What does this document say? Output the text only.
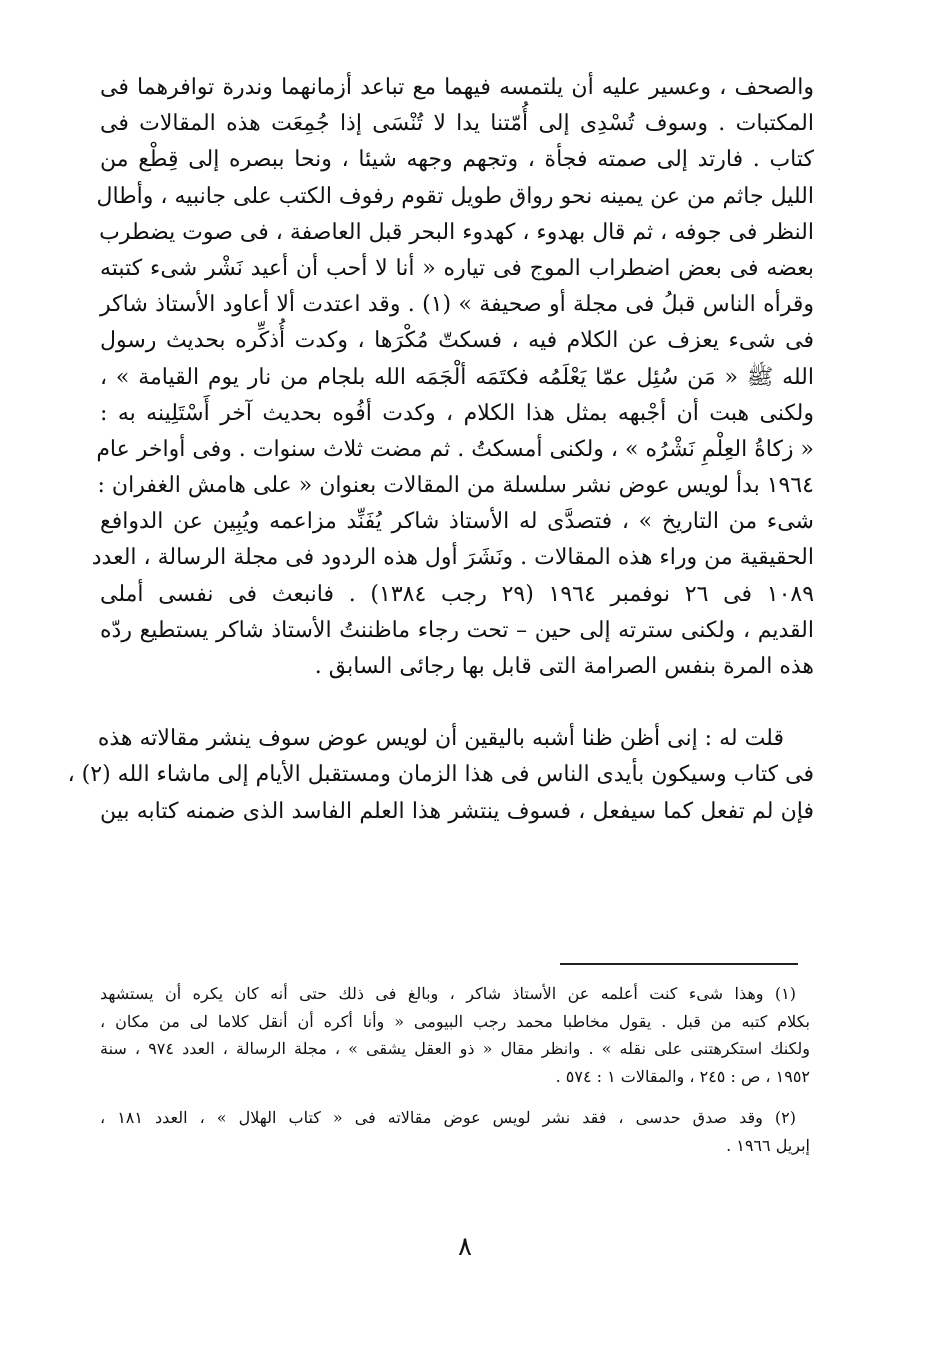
والصحف ، وعسير عليه أن يلتمسه فيهما مع تباعد أزمانهما وندرة توافرهما فى
المكتبات . وسوف تُسْدِى إلى أُمّتنا يدا لا تُنْسَى إذا جُمِعَت هذه المقالات فى
كتاب . فارتد إلى صمته فجأة ، وتجهم وجهه شيئا ، ونحا ببصره إلى قِطْع من
الليل جاثم من عن يمينه نحو رواق طويل تقوم رفوف الكتب على جانبيه ، وأطال
النظر فى جوفه ، ثم قال بهدوء ، كهدوء البحر قبل العاصفة ، فى صوت يضطرب
بعضه فى بعض اضطراب الموج فى تياره « أنا لا أحب أن أعيد نَشْر شىء كتبته
وقرأه الناس قبلُ فى مجلة أو صحيفة » (١) . وقد اعتدت ألا أعاود الأستاذ شاكر
فى شىء يعزف عن الكلام فيه ، فسكتّ مُكْرَها ، وكدت أُذكِّره بحديث رسول
الله ﷺ « مَن سُئِل عمّا يَعْلَمُه فكتَمَه ألْجَمَه الله بلجام من نار يوم القيامة » ،
ولكنى هبت أن أجْبهه بمثل هذا الكلام ، وكدت أفُوه بحديث آخر أَسْتَلِينه به :
« زكاةُ العِلْمِ نَشْرُه » ، ولكنى أمسكتُ . ثم مضت ثلاث سنوات . وفى أواخر عام
١٩٦٤ بدأ لويس عوض نشر سلسلة من المقالات بعنوان « على هامش الغفران :
شىء من التاريخ » ، فتصدَّى له الأستاذ شاكر يُفَنِّد مزاعمه ويُبِين عن الدوافع
الحقيقية من وراء هذه المقالات . ونَشَرَ أول هذه الردود فى مجلة الرسالة ، العدد
١٠٨٩ فى ٢٦ نوفمبر ١٩٦٤ (٢٩ رجب ١٣٨٤) . فانبعث فى نفسى أملى
القديم ، ولكنى سترته إلى حين – تحت رجاء ماظننتُ الأستاذ شاكر يستطيع ردّه
هذه المرة بنفس الصرامة التى قابل بها رجائى السابق .

قلت له : إنى أظن ظنا أشبه باليقين أن لويس عوض سوف ينشر مقالاته هذه
فى كتاب وسيكون بأيدى الناس فى هذا الزمان ومستقبل الأيام إلى ماشاء الله (٢) ،
فإن لم تفعل كما سيفعل ، فسوف ينتشر هذا العلم الفاسد الذى ضمنه كتابه بين

(١) وهذا شىء كنت أعلمه عن الأستاذ شاكر ، وبالغ فى ذلك حتى أنه كان يكره أن يستشهد
بكلام كتبه من قبل . يقول مخاطبا محمد رجب البيومى « وأنا أكره أن أنقل كلاما لى من مكان ،
ولكنك استكرهتنى على نقله » . وانظر مقال « ذو العقل يشقى » ، مجلة الرسالة ، العدد ٩٧٤ ، سنة
١٩٥٢ ، ص : ٢٤٥ ، والمقالات ١ : ٥٧٤ .

(٢) وقد صدق حدسى ، فقد نشر لويس عوض مقالاته فى « كتاب الهلال » ، العدد ١٨١ ،
إبريل ١٩٦٦ .

٨
